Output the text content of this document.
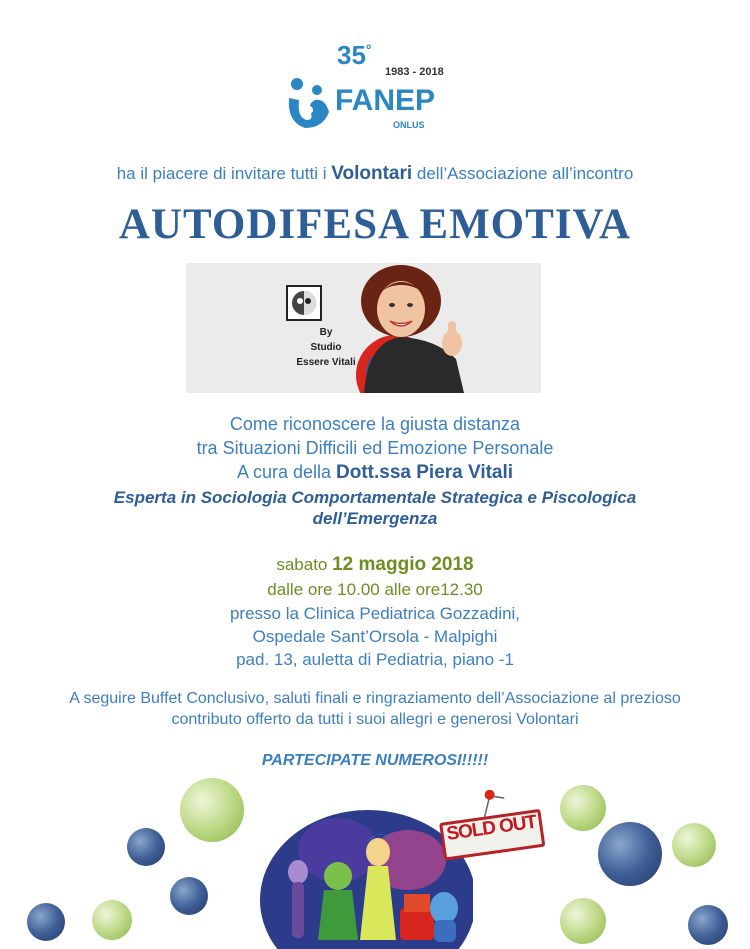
35°
1983 - 2018
FANEP
ONLUS
ha il piacere di invitare tutti i Volontari dell’Associazione all’incontro
AUTODIFESA EMOTIVA
By
Studio
Essere Vitali
Come riconoscere la giusta distanza
tra Situazioni Difficili ed Emozione Personale
A cura della Dott.ssa Piera Vitali
Esperta in Sociologia Comportamentale Strategica e Piscologica
dell’Emergenza
sabato 12 maggio 2018
dalle ore 10.00 alle ore12.30
presso la Clinica Pediatrica Gozzadini,
Ospedale Sant’Orsola - Malpighi
pad. 13, auletta di Pediatria, piano -1
A seguire Buffet Conclusivo, saluti finali e ringraziamento dell’Associazione al prezioso
contributo offerto da tutti i suoi allegri e generosi Volontari
PARTECIPATE NUMEROSI!!!!!
SOLD OUT
